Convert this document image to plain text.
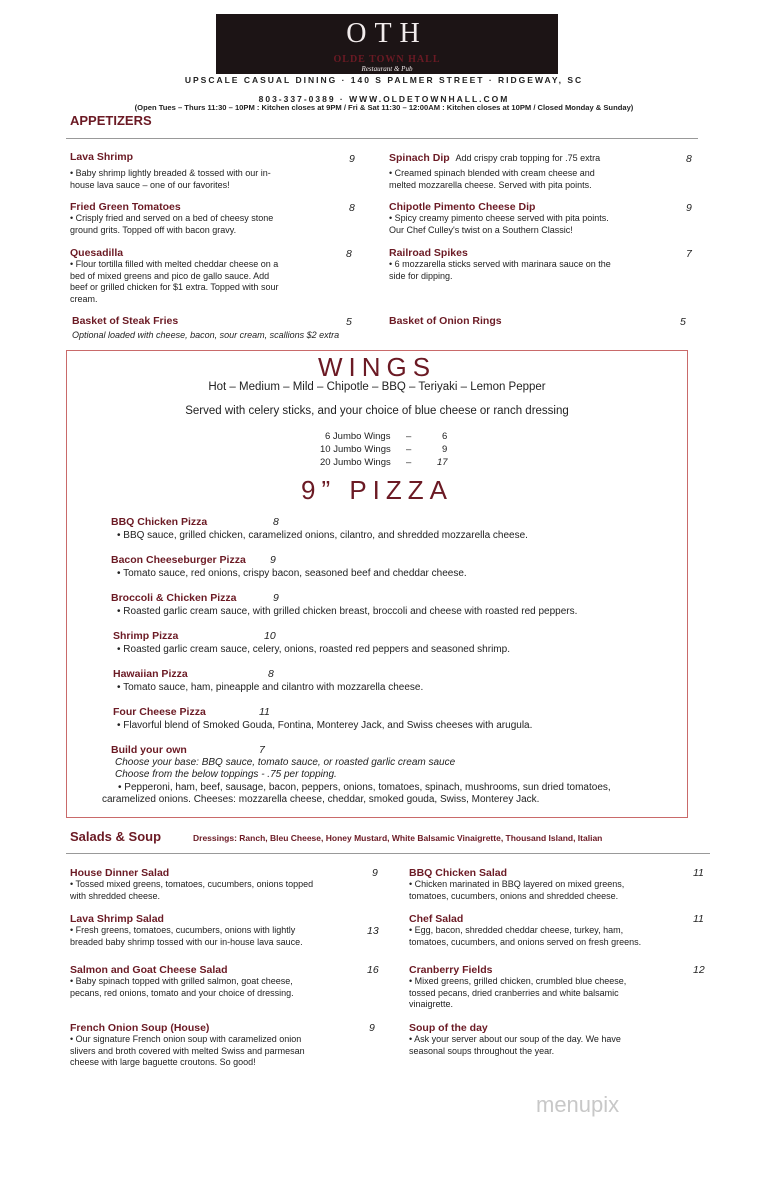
OTH
OLDE TOWN HALL
Restaurant & Pub
UPSCALE CASUAL DINING · 140 S PALMER STREET · RIDGEWAY, SC
803-337-0389 · WWW.OLDETOWNHALL.COM
(Open Tues – Thurs 11:30 – 10PM : Kitchen closes at 9PM / Fri & Sat 11:30 – 12:00AM : Kitchen closes at 10PM / Closed Monday & Sunday)
APPETIZERS
Lava Shrimp	9
• Baby shrimp lightly breaded & tossed with our in-
house lava sauce – one of our favorites!
Fried Green Tomatoes	8
• Crisply fried and served on a bed of cheesy stone
ground grits. Topped off with bacon gravy.
Quesadilla	8
• Flour tortilla filled with melted cheddar cheese on a
bed of mixed greens and pico de gallo sauce. Add
beef or grilled chicken for $1 extra. Topped with sour
cream.
Basket of Steak Fries	5
Optional loaded with cheese, bacon, sour cream, scallions $2 extra
Spinach Dip Add crispy crab topping for .75 extra	8
• Creamed spinach blended with cream cheese and
melted mozzarella cheese. Served with pita points.
Chipotle Pimento Cheese Dip	9
• Spicy creamy pimento cheese served with pita points.
Our Chef Culley's twist on a Southern Classic!
Railroad Spikes	7
• 6 mozzarella sticks served with marinara sauce on the
side for dipping.
Basket of Onion Rings	5
WINGS
Hot – Medium – Mild – Chipotle – BBQ – Teriyaki – Lemon Pepper
Served with celery sticks, and your choice of blue cheese or ranch dressing
6 Jumbo Wings –	6
10 Jumbo Wings –	9
20 Jumbo Wings –	17
9” PIZZA
BBQ Chicken Pizza	8
• BBQ sauce, grilled chicken, caramelized onions, cilantro, and shredded mozzarella cheese.
Bacon Cheeseburger Pizza 9
• Tomato sauce, red onions, crispy bacon, seasoned beef and cheddar cheese.
Broccoli & Chicken Pizza	9
• Roasted garlic cream sauce, with grilled chicken breast, broccoli and cheese with roasted red peppers.
Shrimp Pizza	10
• Roasted garlic cream sauce, celery, onions, roasted red peppers and seasoned shrimp.
Hawaiian Pizza	8
• Tomato sauce, ham, pineapple and cilantro with mozzarella cheese.
Four Cheese Pizza	11
• Flavorful blend of Smoked Gouda, Fontina, Monterey Jack, and Swiss cheeses with arugula.
Build your own	7
Choose your base: BBQ sauce, tomato sauce, or roasted garlic cream sauce
Choose from the below toppings - .75 per topping.
• Pepperoni, ham, beef, sausage, bacon, peppers, onions, tomatoes, spinach, mushrooms, sun dried tomatoes,
caramelized onions. Cheeses: mozzarella cheese, cheddar, smoked gouda, Swiss, Monterey Jack.
Salads & Soup	Dressings: Ranch, Bleu Cheese, Honey Mustard, White Balsamic Vinaigrette, Thousand Island, Italian
House Dinner Salad	9
• Tossed mixed greens, tomatoes, cucumbers, onions topped
with shredded cheese.
Lava Shrimp Salad
13
• Fresh greens, tomatoes, cucumbers, onions with lightly
breaded baby shrimp tossed with our in-house lava sauce.
Salmon and Goat Cheese Salad	16
• Baby spinach topped with grilled salmon, goat cheese,
pecans, red onions, tomato and your choice of dressing.
French Onion Soup (House)	9
• Our signature French onion soup with caramelized onion
slivers and broth covered with melted Swiss and parmesan
cheese with large baguette croutons. So good!
BBQ Chicken Salad	11
• Chicken marinated in BBQ layered on mixed greens,
tomatoes, cucumbers, onions and shredded cheese.
Chef Salad	11
• Egg, bacon, shredded cheddar cheese, turkey, ham,
tomatoes, cucumbers, and onions served on fresh greens.
Cranberry Fields	12
• Mixed greens, grilled chicken, crumbled blue cheese,
tossed pecans, dried cranberries and white balsamic
vinaigrette.
Soup of the day
• Ask your server about our soup of the day. We have
seasonal soups throughout the year.
menupix
